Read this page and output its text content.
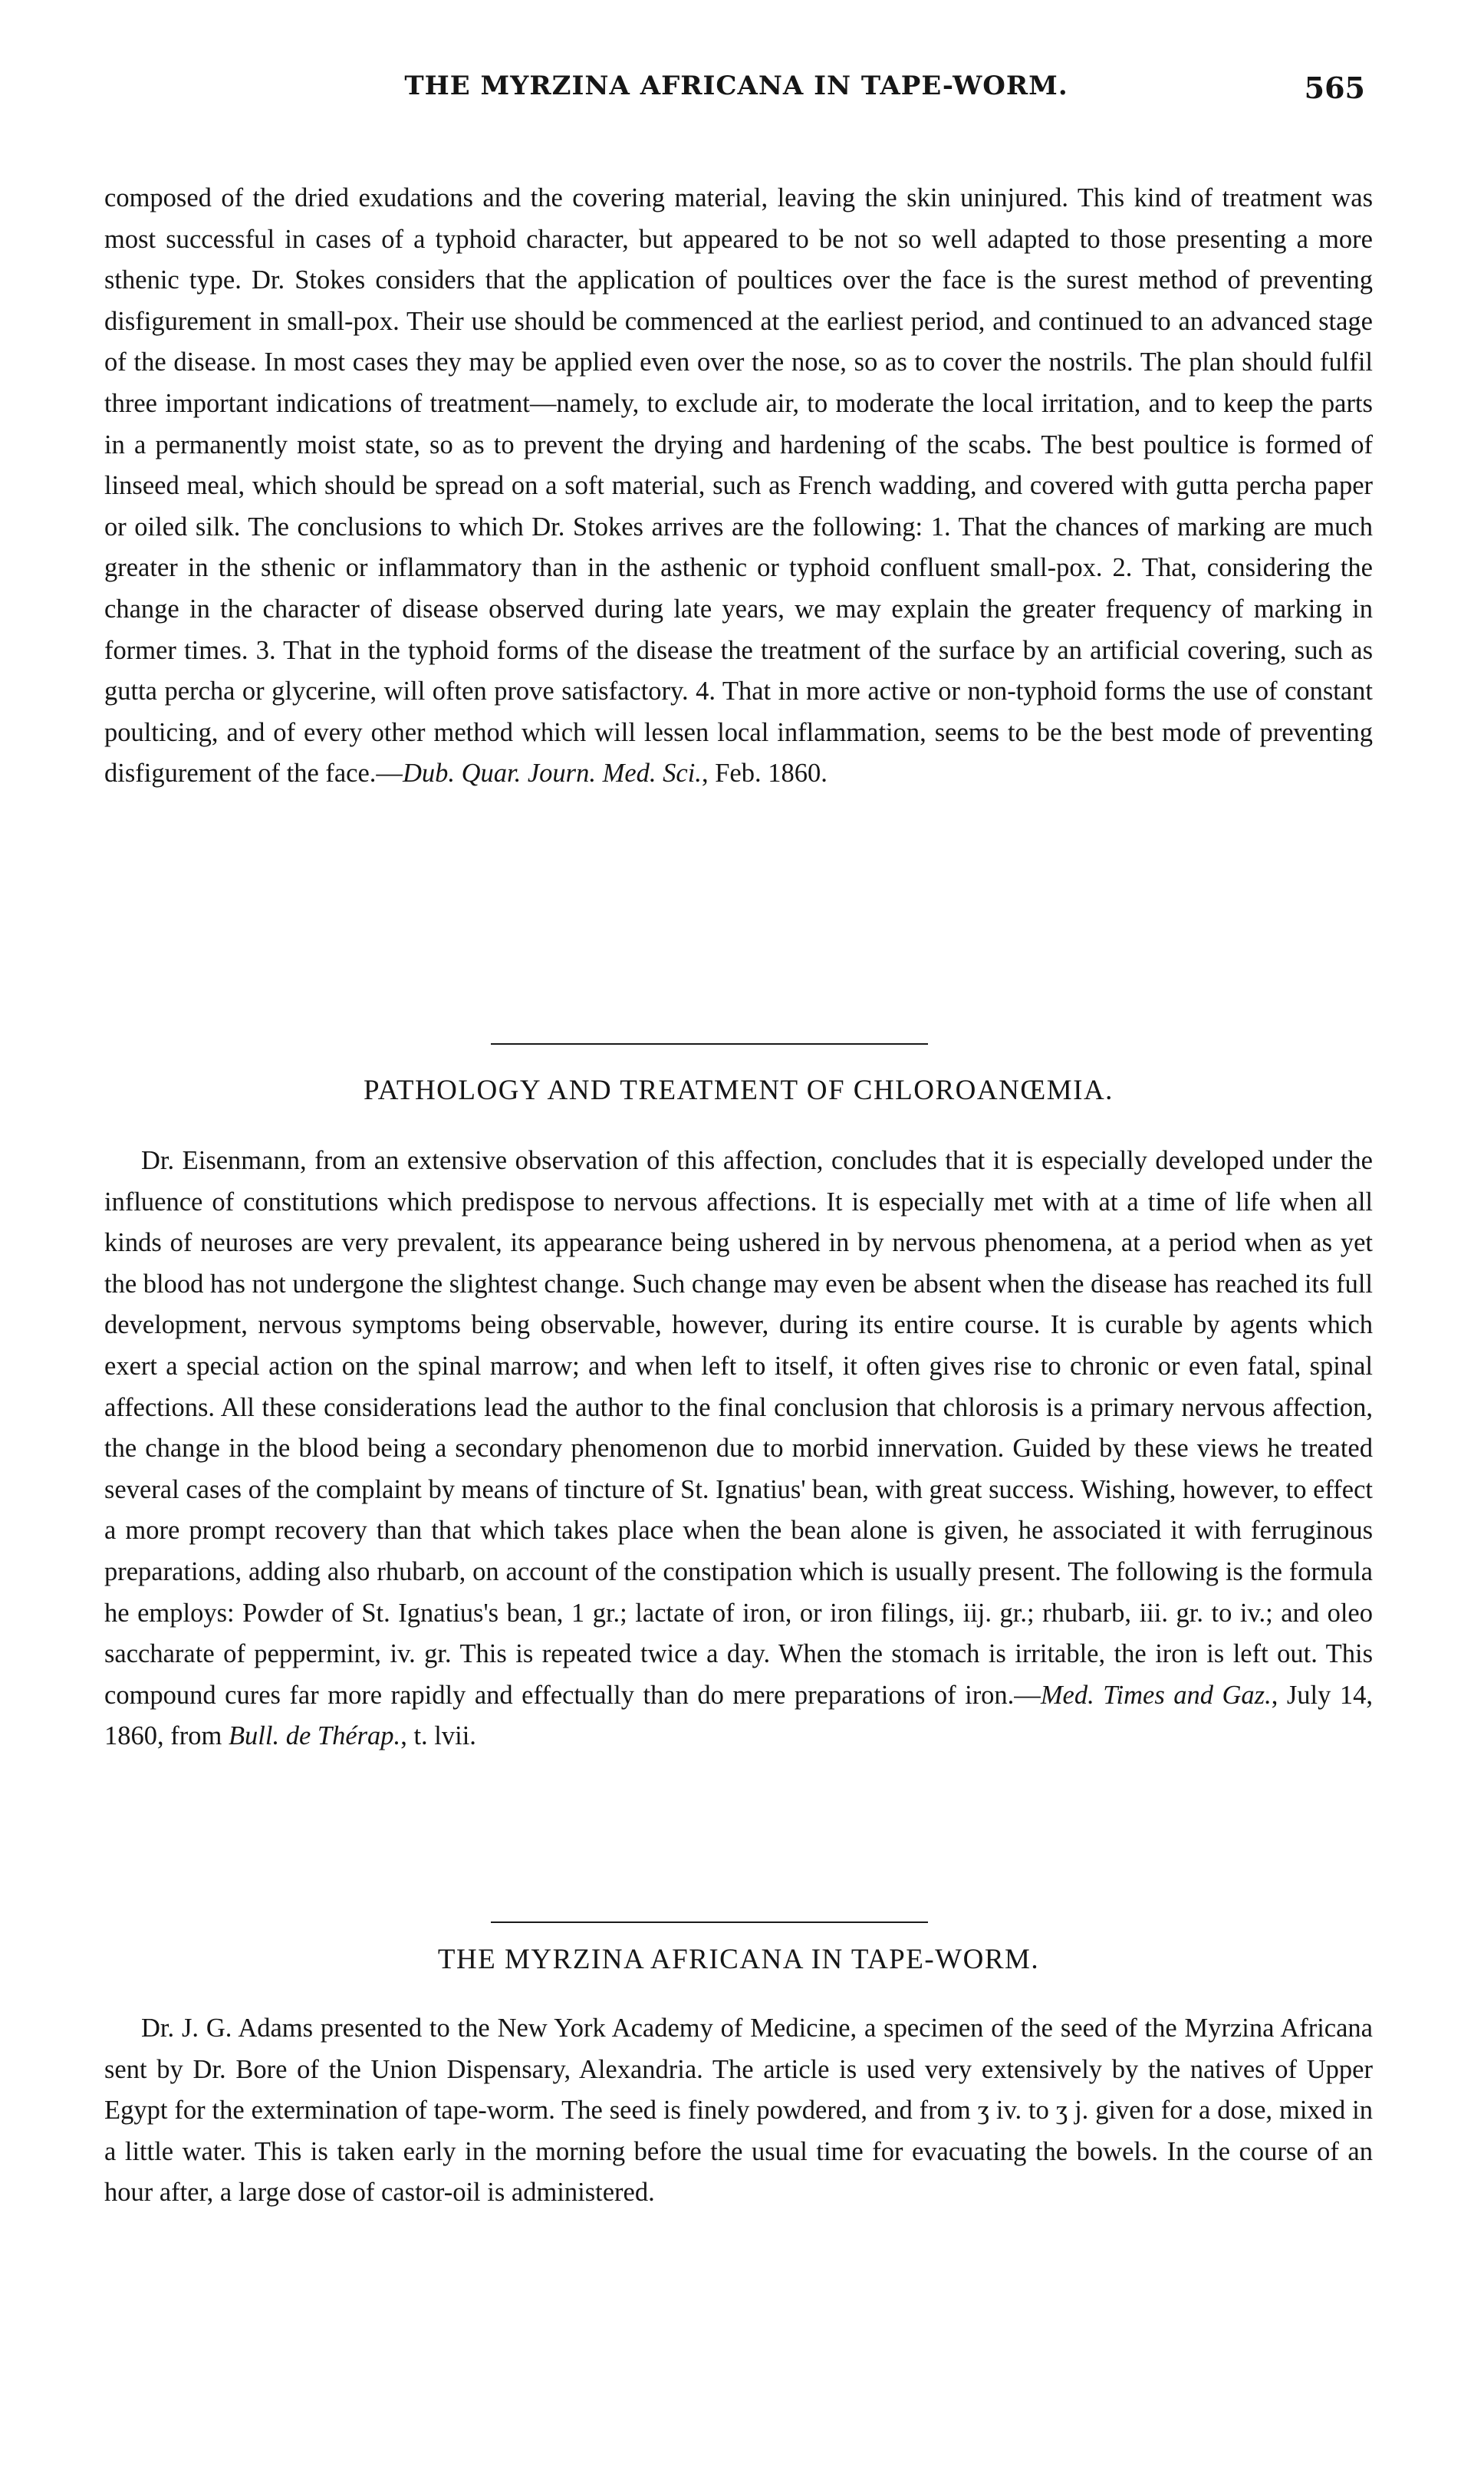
THE MYRZINA AFRICANA IN TAPE-WORM.	565

composed of the dried exudations and the covering material, leaving the skin uninjured. This kind of treatment was most successful in cases of a typhoid character, but appeared to be not so well adapted to those presenting a more sthenic type. Dr. Stokes considers that the application of poultices over the face is the surest method of preventing disfigurement in small-pox. Their use should be commenced at the earliest period, and continued to an advanced stage of the disease. In most cases they may be applied even over the nose, so as to cover the nostrils. The plan should fulfil three important indications of treatment—namely, to exclude air, to moderate the local irritation, and to keep the parts in a permanently moist state, so as to prevent the drying and hardening of the scabs. The best poultice is formed of linseed meal, which should be spread on a soft material, such as French wadding, and covered with gutta percha paper or oiled silk. The conclusions to which Dr. Stokes arrives are the following: 1. That the chances of marking are much greater in the sthenic or inflammatory than in the asthenic or typhoid confluent small-pox. 2. That, considering the change in the character of disease observed during late years, we may explain the greater frequency of marking in former times. 3. That in the typhoid forms of the disease the treatment of the surface by an artificial covering, such as gutta percha or glycerine, will often prove satisfactory. 4. That in more active or non-typhoid forms the use of constant poulticing, and of every other method which will lessen local inflammation, seems to be the best mode of preventing disfigurement of the face.—Dub. Quar. Journ. Med. Sci., Feb. 1860.

PATHOLOGY AND TREATMENT OF CHLOROANŒMIA.

Dr. Eisenmann, from an extensive observation of this affection, concludes that it is especially developed under the influence of constitutions which predispose to nervous affections. It is especially met with at a time of life when all kinds of neuroses are very prevalent, its appearance being ushered in by nervous phenomena, at a period when as yet the blood has not undergone the slightest change. Such change may even be absent when the disease has reached its full development, nervous symptoms being observable, however, during its entire course. It is curable by agents which exert a special action on the spinal marrow; and when left to itself, it often gives rise to chronic or even fatal, spinal affections. All these considerations lead the author to the final conclusion that chlorosis is a primary nervous affection, the change in the blood being a secondary phenomenon due to morbid innervation. Guided by these views he treated several cases of the complaint by means of tincture of St. Ignatius' bean, with great success. Wishing, however, to effect a more prompt recovery than that which takes place when the bean alone is given, he associated it with ferruginous preparations, adding also rhubarb, on account of the constipation which is usually present. The following is the formula he employs: Powder of St. Ignatius's bean, 1 gr.; lactate of iron, or iron filings, iij. gr.; rhubarb, iii. gr. to iv.; and oleo saccharate of peppermint, iv. gr. This is repeated twice a day. When the stomach is irritable, the iron is left out. This compound cures far more rapidly and effectually than do mere preparations of iron.—Med. Times and Gaz., July 14, 1860, from Bull. de Thérap., t. lvii.

THE MYRZINA AFRICANA IN TAPE-WORM.

Dr. J. G. Adams presented to the New York Academy of Medicine, a specimen of the seed of the Myrzina Africana sent by Dr. Bore of the Union Dispensary, Alexandria. The article is used very extensively by the natives of Upper Egypt for the extermination of tape-worm. The seed is finely powdered, and from ʒ iv. to ʒ j. given for a dose, mixed in a little water. This is taken early in the morning before the usual time for evacuating the bowels. In the course of an hour after, a large dose of castor-oil is administered.
